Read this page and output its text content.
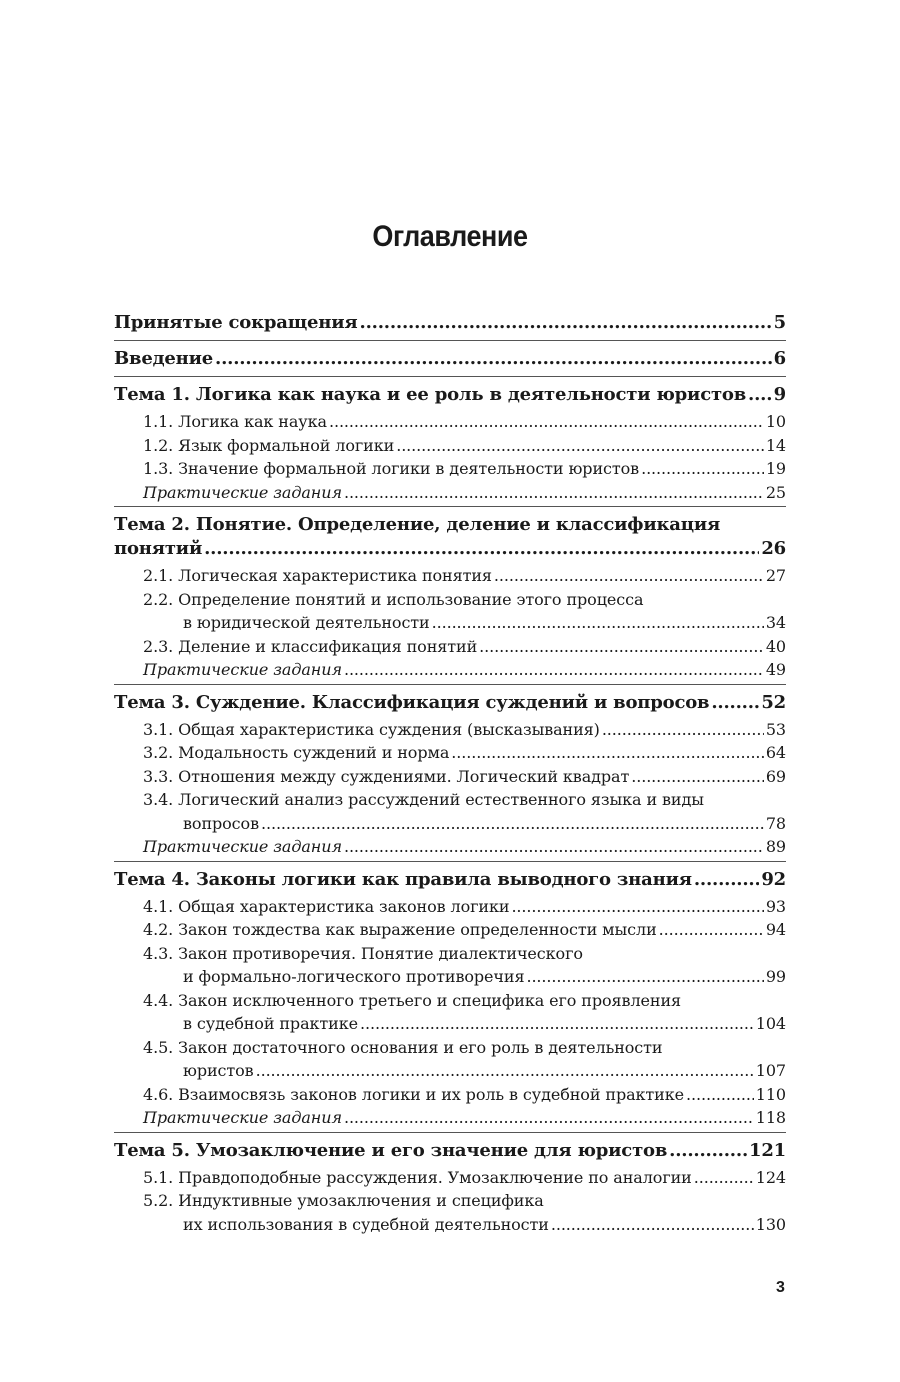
Оглавление
Принятые сокращения .....	5
Введение .....	6
Тема 1. Логика как наука и ее роль в деятельности юристов ..... 9
1.1. Логика как наука .....	10
1.2. Язык формальной логики .....	14
1.3. Значение формальной логики в деятельности юристов .....	19
Практические задания .....	25
Тема 2. Понятие. Определение, деление и классификация
понятий .....	26
2.1. Логическая характеристика понятия .....	27
2.2. Определение понятий и использование этого процесса
в юридической деятельности .....	34
2.3. Деление и классификация понятий .....	40
Практические задания .....	49
Тема 3. Суждение. Классификация суждений и вопросов .....	52
3.1. Общая характеристика суждения (высказывания) .....	53
3.2. Модальность суждений и норма .....	64
3.3. Отношения между суждениями. Логический квадрат .....	69
3.4. Логический анализ рассуждений естественного языка и виды
вопросов .....	78
Практические задания .....	89
Тема 4. Законы логики как правила выводного знания .....	92
4.1. Общая характеристика законов логики .....	93
4.2. Закон тождества как выражение определенности мысли .....	94
4.3. Закон противоречия. Понятие диалектического
и формально-логического противоречия .....	99
4.4. Закон исключенного третьего и специфика его проявления
в судебной практике .....	104
4.5. Закон достаточного основания и его роль в деятельности
юристов .....	107
4.6. Взаимосвязь законов логики и их роль в судебной практике .....	110
Практические задания .....	118
Тема 5. Умозаключение и его значение для юристов .....	121
5.1. Правдоподобные рассуждения. Умозаключение по аналогии .....	124
5.2. Индуктивные умозаключения и специфика
их использования в судебной деятельности .....	130
3
